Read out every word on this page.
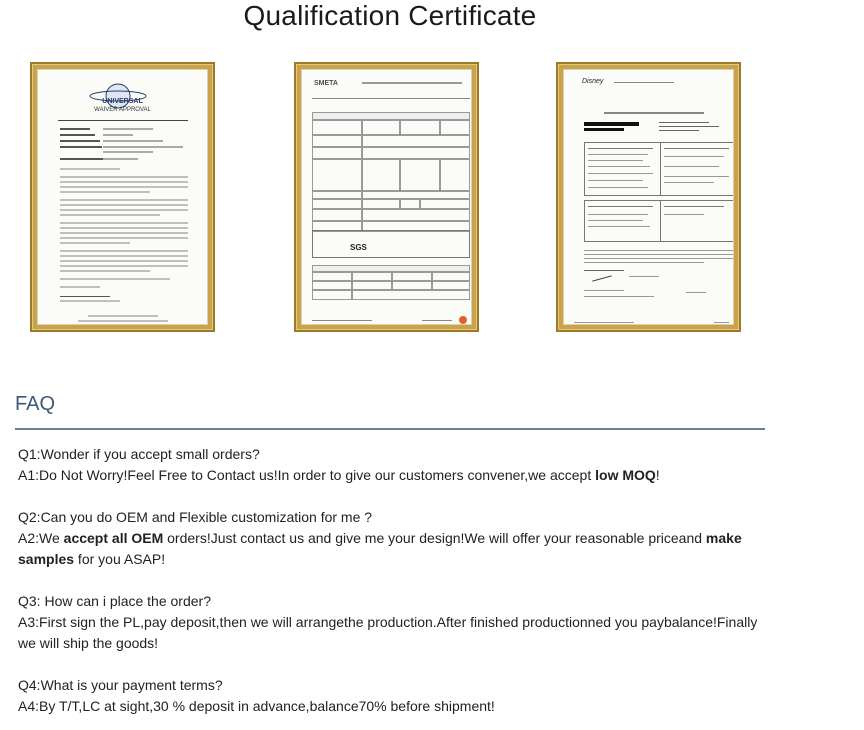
Qualification Certificate
UNIVERSAL
WAIVER APPROVAL
SMETA
SGS
Disney
FAQ

Q1:Wonder if you accept small orders?

A1:Do Not Worry!Feel Free to Contact us!In order to give our customers convener,we accept low MOQ!

Q2:Can you do OEM and Flexible customization for me ?

A2:We accept all OEM orders!Just contact us and give me your design!We will offer your reasonable priceand make samples for you ASAP!

Q3: How can i place the order?

A3:First sign the PL,pay deposit,then we will arrangethe production.After finished productionned you paybalance!Finally we will ship the goods!

Q4:What is your payment terms?

A4:By T/T,LC at sight,30 % deposit in advance,balance70% before shipment!
